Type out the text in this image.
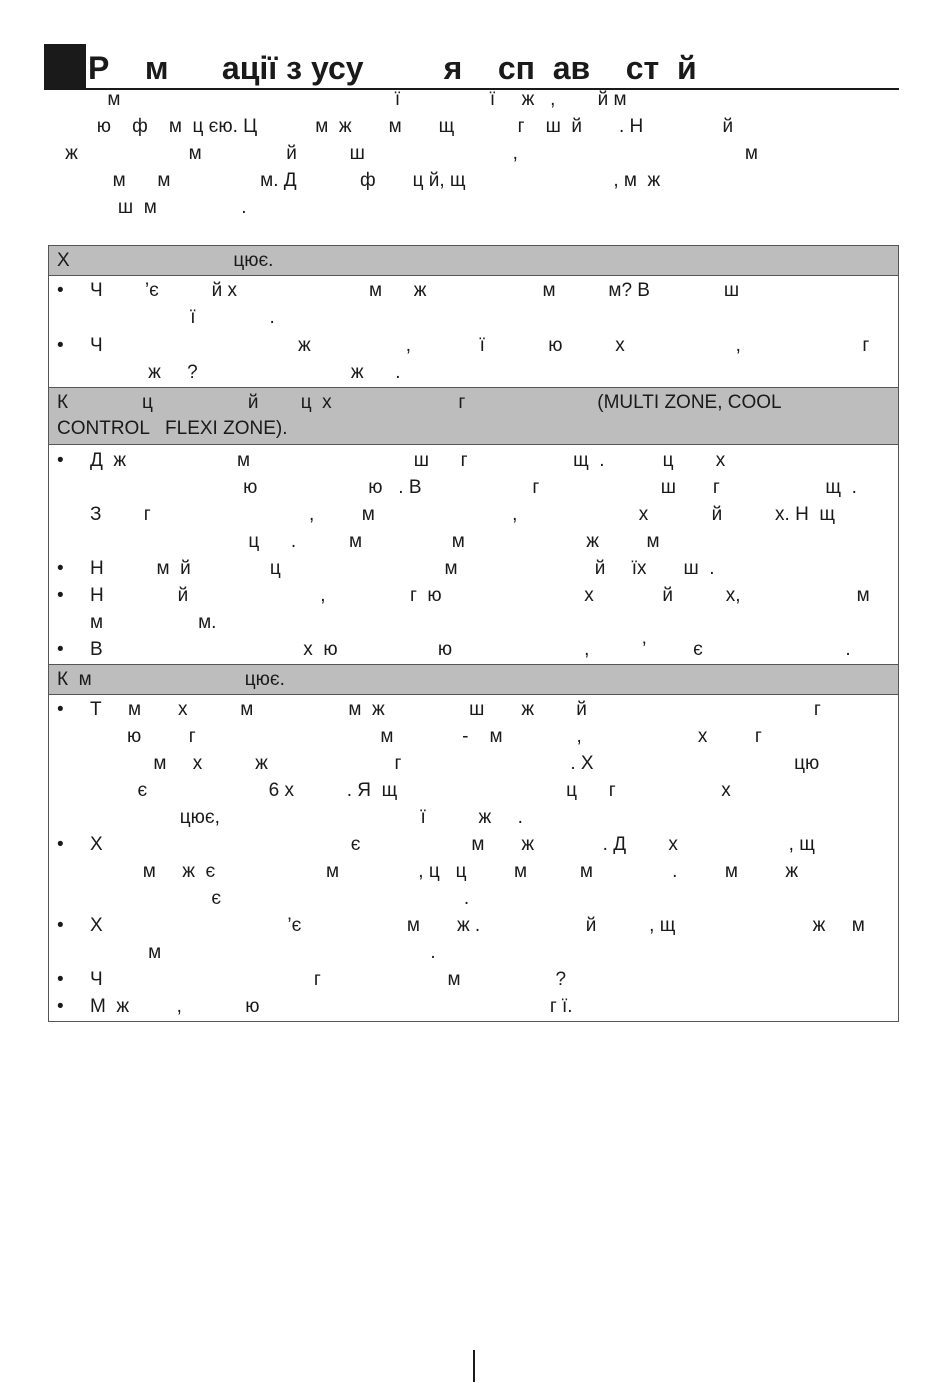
Р    м      ації з усу         я    сп  ав    ст  й
м                                                    ї                 ї     ж   ,        й м
ю    ф    м  ц єю. Ц           м  ж       м       щ            г    ш  й       . Н               й
ж                     м                й          ш                            ,                                           м
м      м                 м. Д            ф       ц й, щ                            , м  ж
ш  м                .
Х                               цює.
• Ч        ’є          й х                         м      ж                      м          м? В              ш
ї              .
• Ч                                     ж                  ,             ї            ю          х                     ,                       г
ж     ?                             ж      .
К              ц                  й        ц  х                        г                         (MULTI ZONE, COOL
CONTROL   FLEXI ZONE).
• Д  ж                     м                               ш      г                    щ  .           ц        х
ю                     ю   . В                     г                       ш       г                    щ  .
З        г                              ,         м                          ,                       х            й          х. Н  щ
ц      .          м                 м                       ж         м
• Н          м  й               ц                               м                          й     їх       ш  .
• Н              й                         ,                г  ю                           х             й          х,                      м
м                  м.
• В                                      х  ю                   ю                         ,          ’         є                           .
К  м                             цює.
• Т     м       х          м                  м  ж                ш       ж        й                                           г
ю         г                                   м             -    м              ,                      х         г
м     х          ж                        г                                . Х                                      цю
є                       6 х          . Я  щ                                ц      г                    х
цює,                                      ї          ж     .
• Х                                               є                     м       ж             . Д        х                     , щ
м     ж  є                     м               , ц   ц         м          м               .         м         ж
є                                              .
• Х                                   ’є                    м       ж .                    й          , щ                          ж     м
м                                                   .
• Ч                                        г                        м                  ?
• М  ж         ,            ю                                                       г ї.
